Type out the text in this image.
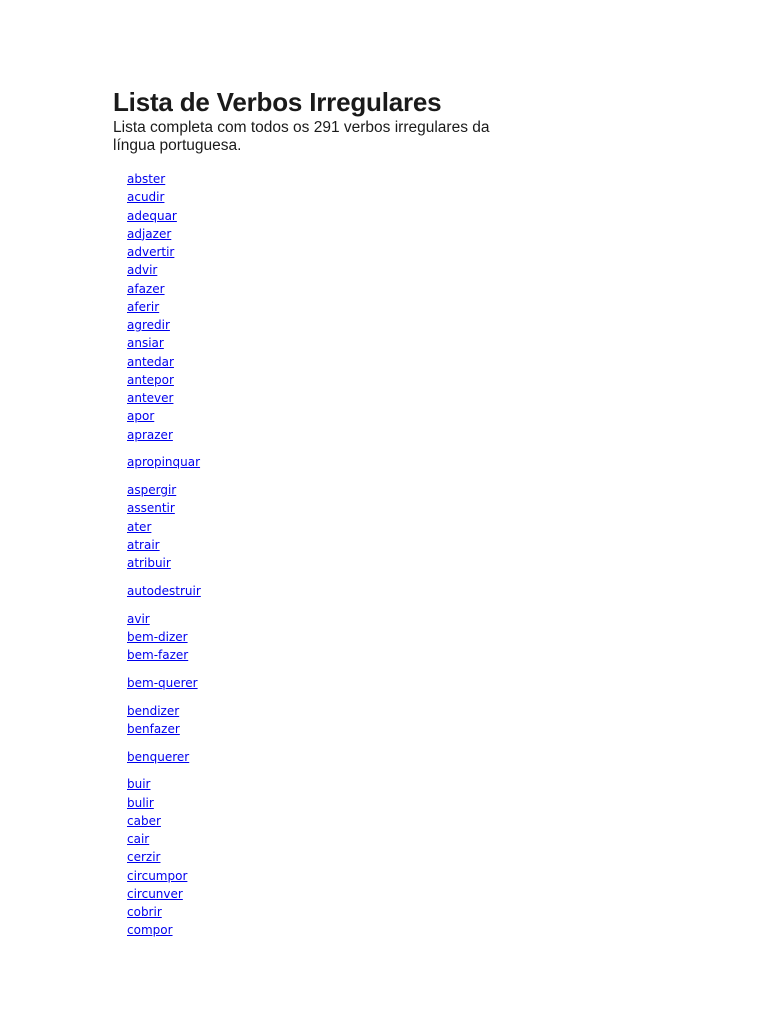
Lista de Verbos Irregulares

Lista completa com todos os 291 verbos irregulares da língua portuguesa.

abster
acudir
adequar
adjazer
advertir
advir
afazer
aferir
agredir
ansiar
antedar
antepor
antever
apor
aprazer
apropinquar
aspergir
assentir
ater
atrair
atribuir
autodestruir
avir
bem-dizer
bem-fazer
bem-querer
bendizer
benfazer
benquerer
buir
bulir
caber
cair
cerzir
circumpor
circunver
cobrir
compor
